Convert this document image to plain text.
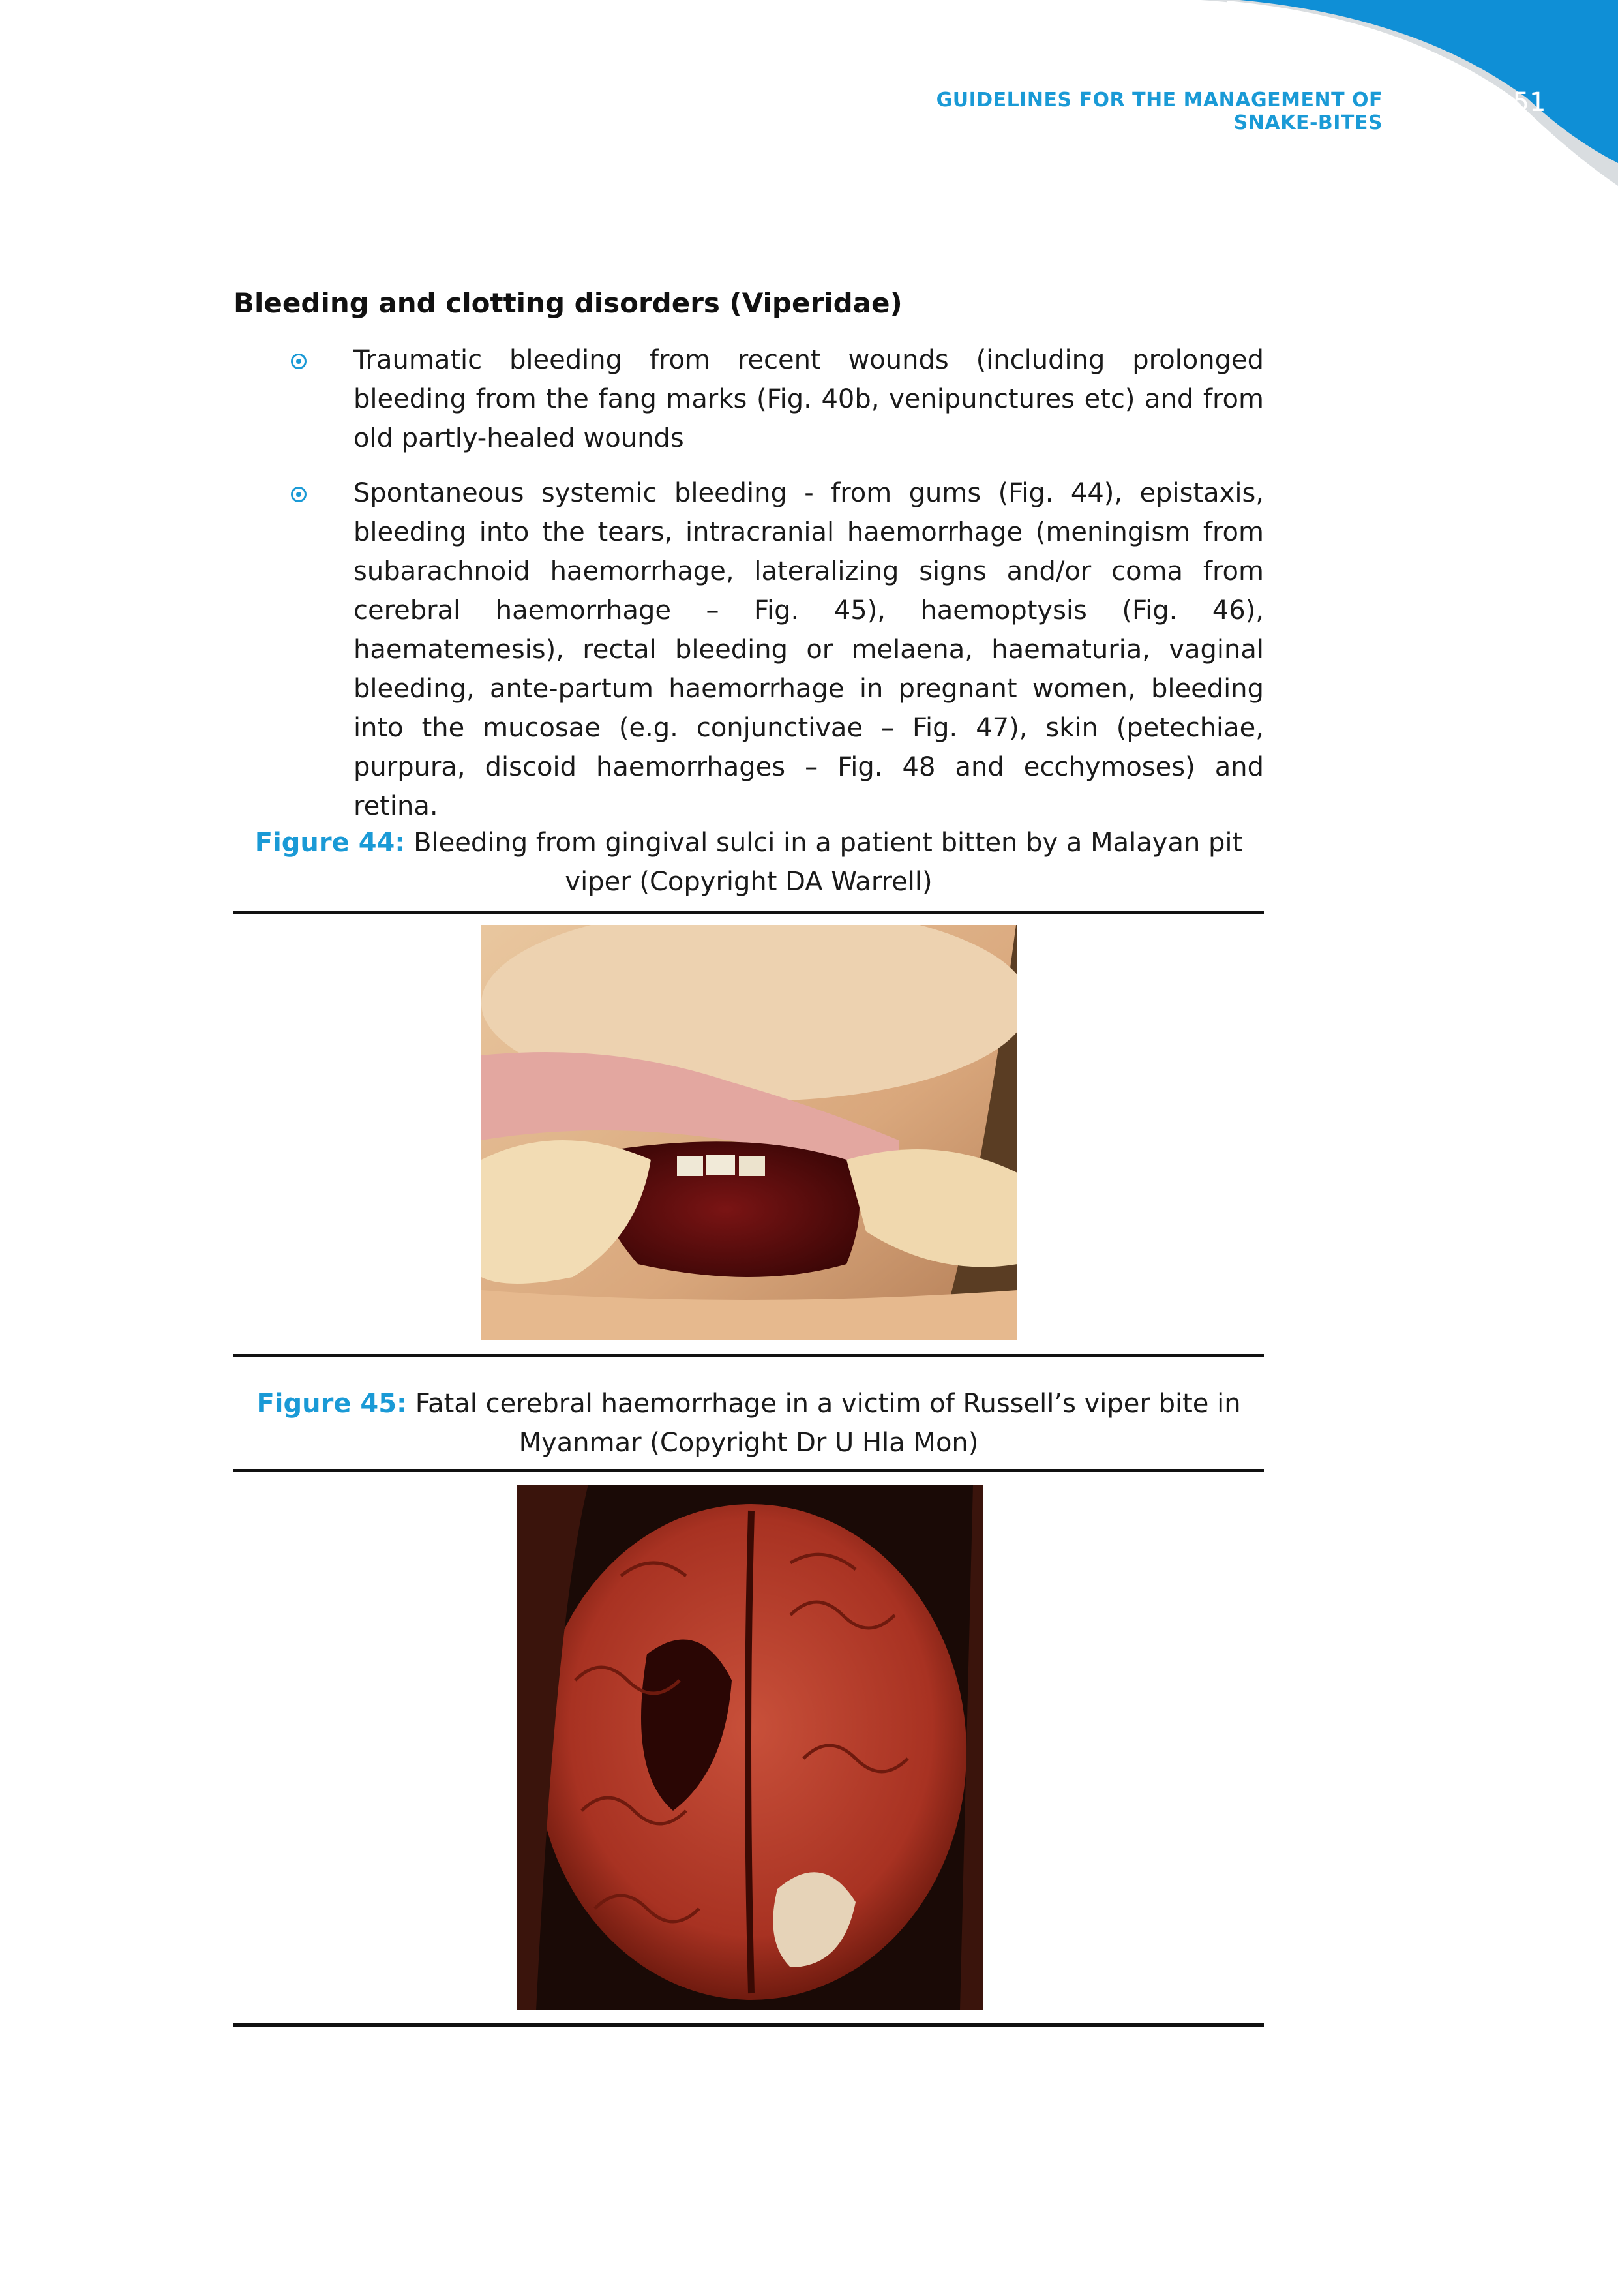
GUIDELINES FOR THE MANAGEMENT OF SNAKE-BITES
51
Bleeding and clotting disorders (Viperidae)
Traumatic bleeding from recent wounds (including prolonged bleeding from the fang marks (Fig. 40b, venipunctures etc) and from old partly-healed wounds
Spontaneous systemic bleeding - from gums (Fig. 44), epistaxis, bleeding into the tears, intracranial haemorrhage (meningism from subarachnoid haemorrhage, lateralizing signs and/or coma from cerebral haemorrhage – Fig. 45), haemoptysis (Fig. 46), haematemesis), rectal bleeding or melaena, haematuria, vaginal bleeding, ante-partum haemorrhage in pregnant women, bleeding into the mucosae (e.g. conjunctivae – Fig. 47), skin (petechiae, purpura, discoid haemorrhages – Fig. 48 and ecchymoses) and retina.
Figure 44: Bleeding from gingival sulci in a patient bitten by a Malayan pit viper (Copyright DA Warrell)
Figure 45: Fatal cerebral haemorrhage in a victim of Russell’s viper bite in Myanmar (Copyright Dr U Hla Mon)
